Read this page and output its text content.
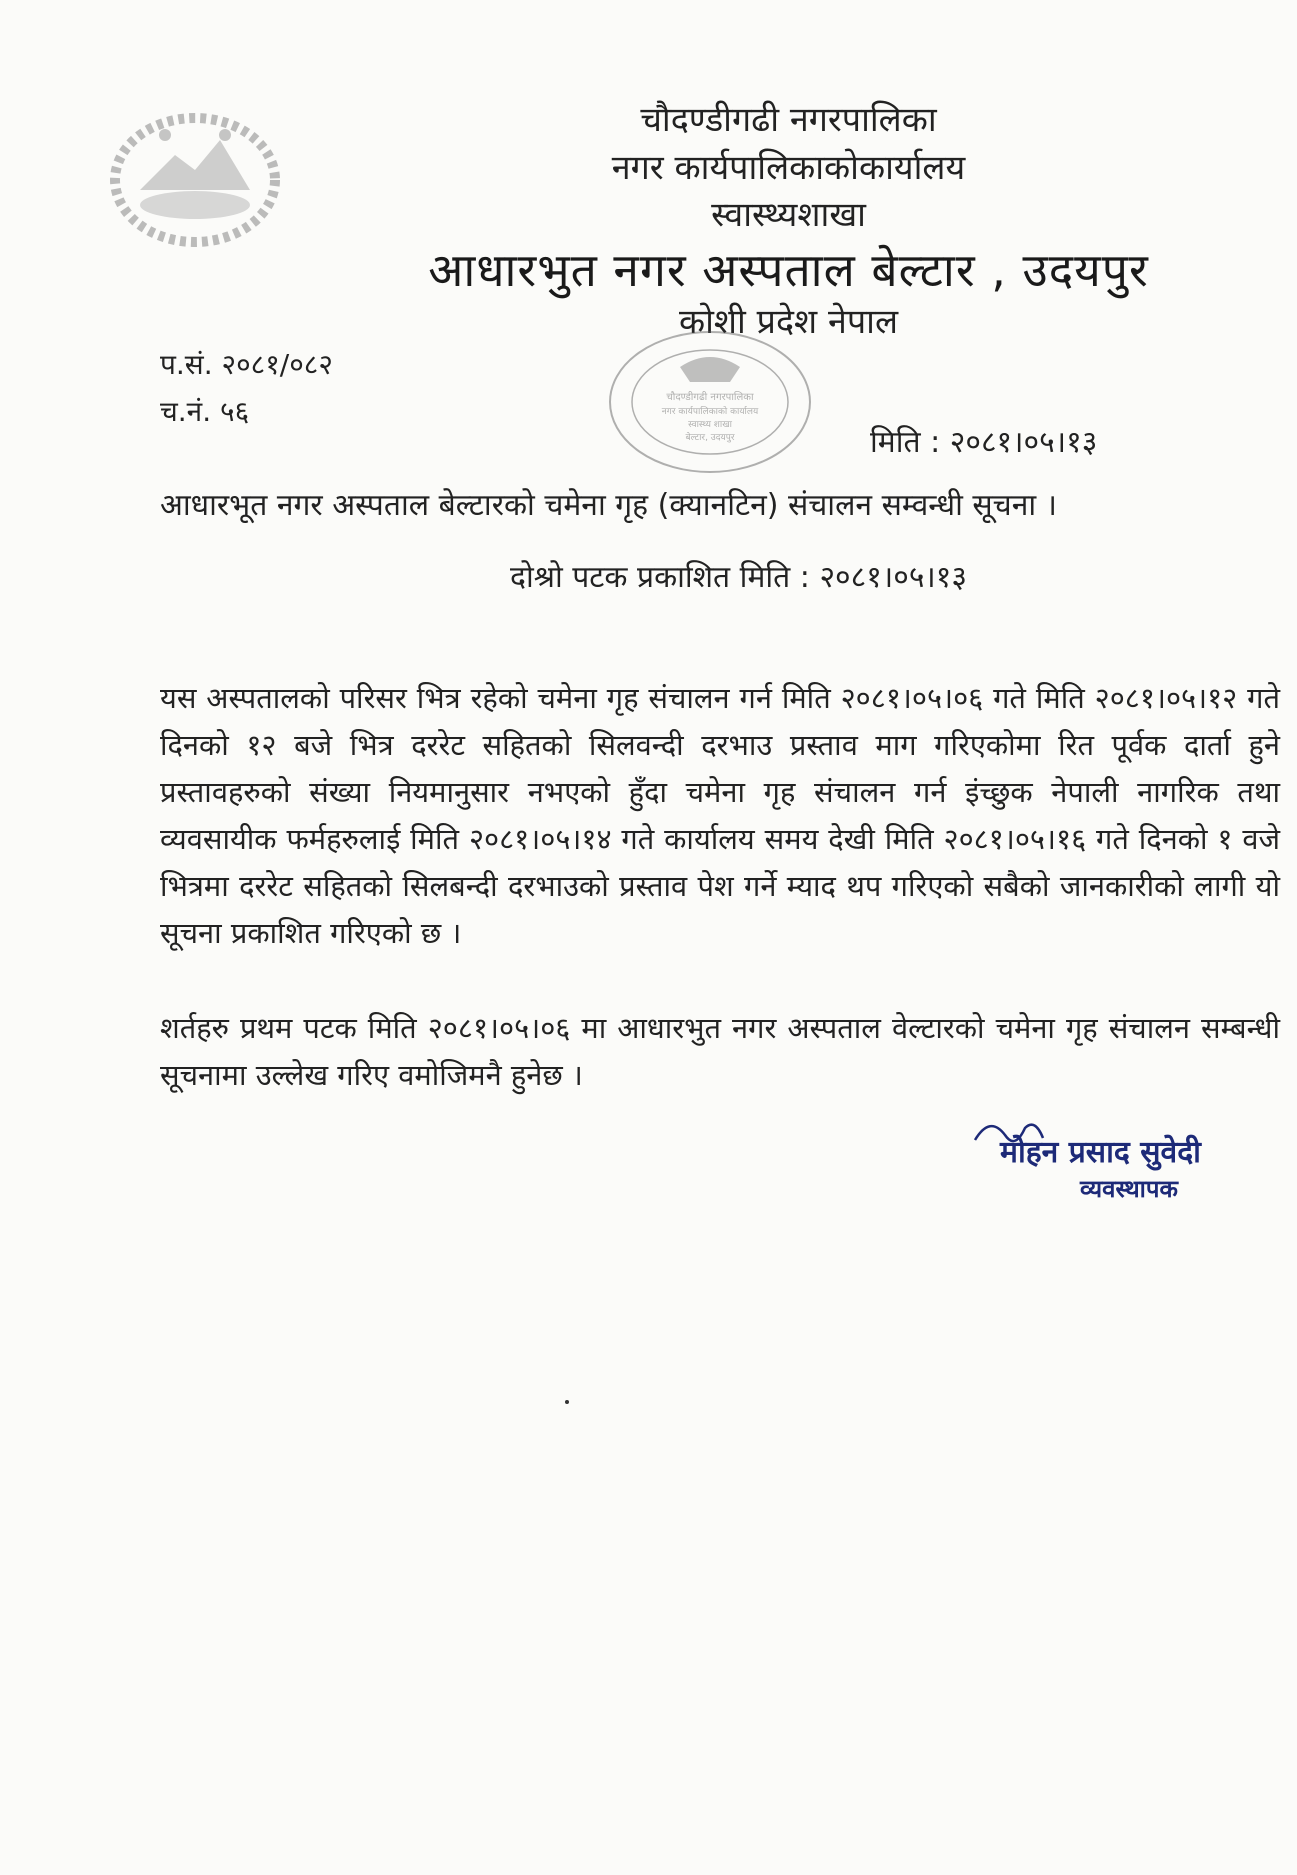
चौदण्डीगढी नगरपालिका
नगर कार्यपालिकाकोकार्यालय
स्वास्थ्यशाखा
आधारभुत नगर अस्पताल बेल्टार , उदयपुर
कोशी प्रदेश नेपाल
चौदण्डीगढी नगरपालिका
नगर कार्यपालिकाको कार्यालय
स्वास्थ्य शाखा
बेल्टार, उदयपुर
प.सं. २०८१/०८२
च.नं. ५६
मिति : २०८१।०५।१३
आधारभूत नगर अस्पताल बेल्टारको चमेना गृह (क्यानटिन) संचालन सम्वन्धी सूचना ।
दोश्रो पटक प्रकाशित मिति : २०८१।०५।१३
यस अस्पतालको परिसर भित्र रहेको चमेना गृह संचालन गर्न मिति २०८१।०५।०६ गते मिति २०८१।०५।१२ गते दिनको १२ बजे भित्र दररेट सहितको सिलवन्दी दरभाउ प्रस्ताव माग गरिएकोमा रित पूर्वक दार्ता हुने प्रस्तावहरुको संख्या नियमानुसार नभएको हुँदा चमेना गृह संचालन गर्न इंच्छुक नेपाली नागरिक तथा व्यवसायीक फर्महरुलाई मिति २०८१।०५।१४ गते कार्यालय समय देखी मिति २०८१।०५।१६ गते दिनको १ वजे भित्रमा दररेट सहितको सिलबन्दी दरभाउको प्रस्ताव पेश गर्ने म्याद थप गरिएको सबैको जानकारीको लागी यो सूचना प्रकाशित गरिएको छ ।
शर्तहरु प्रथम पटक मिति २०८१।०५।०६ मा आधारभुत नगर अस्पताल वेल्टारको चमेना गृह संचालन सम्बन्धी सूचनामा उल्लेख गरिए वमोजिमनै हुनेछ ।
मोहन प्रसाद सुवेदी
व्यवस्थापक
